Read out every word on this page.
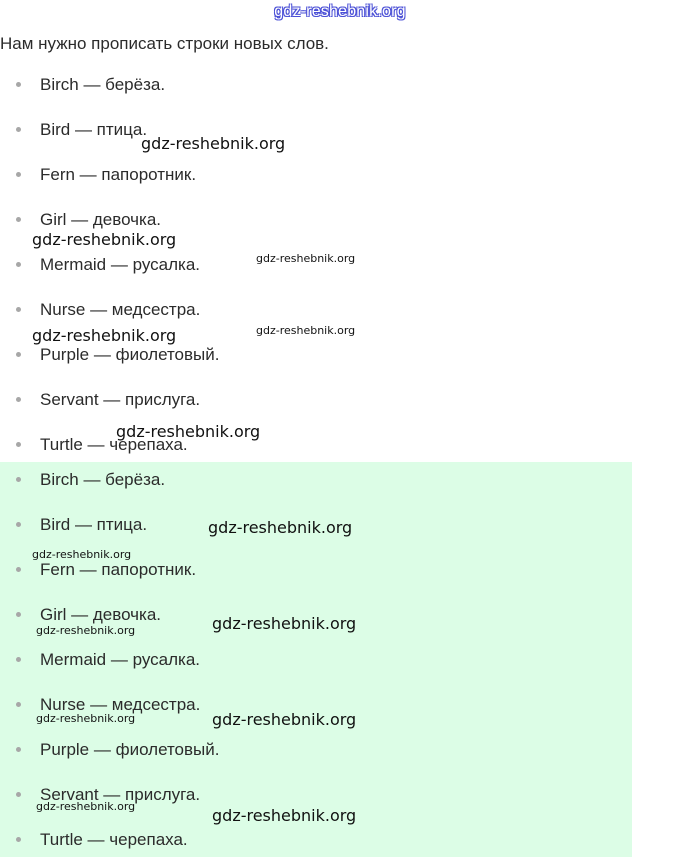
gdz-reshebnik.org
Нам нужно прописать строки новых слов.
Birch — берёза.
Bird — птица.
Fern — папоротник.
Girl — девочка.
Mermaid — русалка.
Nurse — медсестра.
Purple — фиолетовый.
Servant — прислуга.
Turtle — черепаха.
Birch — берёза.
Bird — птица.
Fern — папоротник.
Girl — девочка.
Mermaid — русалка.
Nurse — медсестра.
Purple — фиолетовый.
Servant — прислуга.
Turtle — черепаха.
gdz-reshebnik.org
gdz-reshebnik.org
gdz-reshebnik.org
gdz-reshebnik.org	gdz-reshebnik.org
gdz-reshebnik.org
gdz-reshebnik.org
gdz-reshebnik.org
gdz-reshebnik.org
gdz-reshebnik.org
gdz-reshebnik.org
gdz-reshebnik.org
gdz-reshebnik.org
gdz-reshebnik.org
